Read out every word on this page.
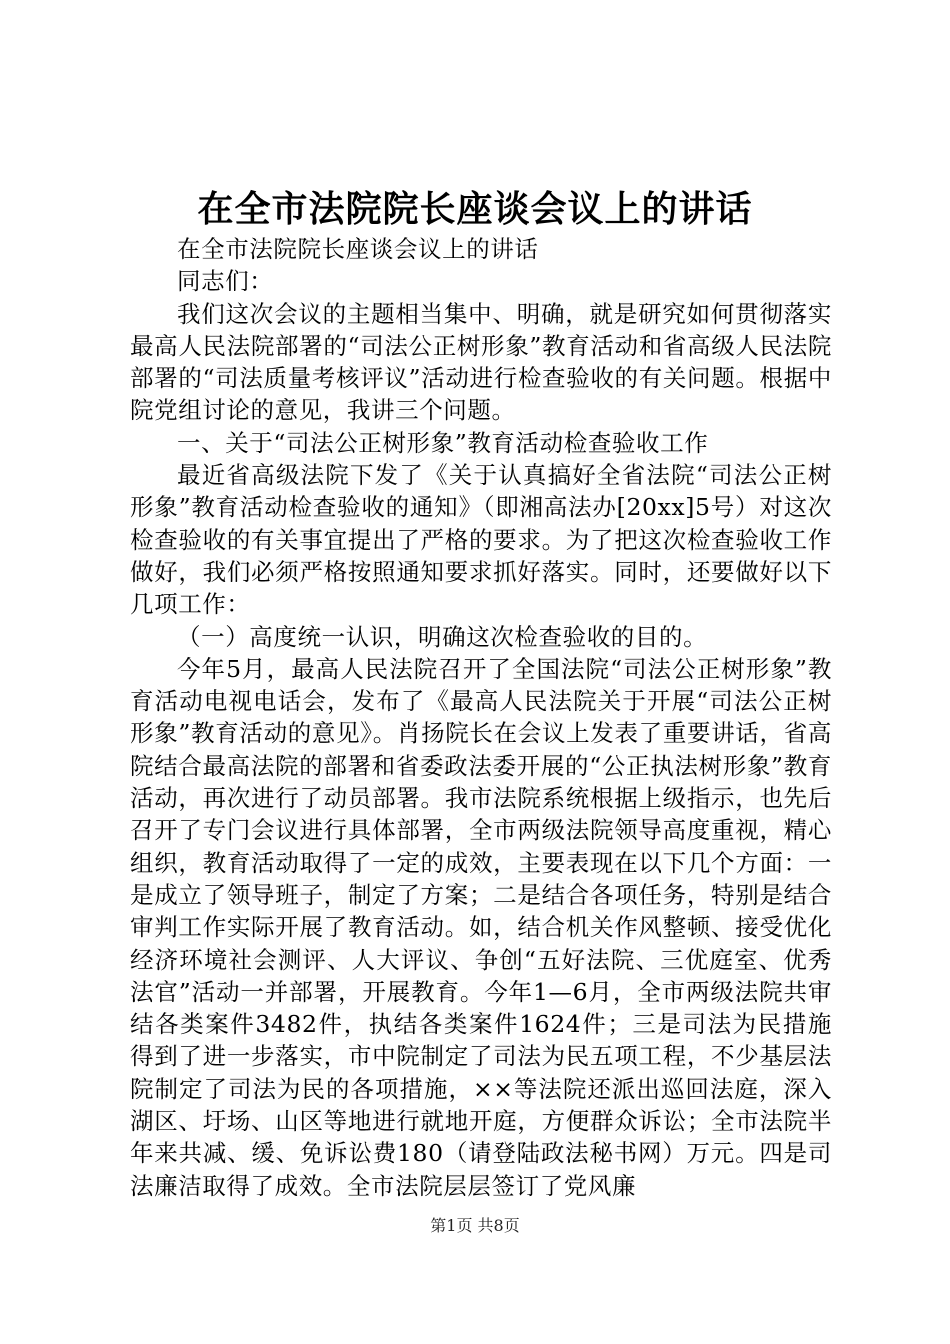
在全市法院院长座谈会议上的讲话

在全市法院院长座谈会议上的讲话

同志们：

我们这次会议的主题相当集中、明确，就是研究如何贯彻落实最高人民法院部署的“司法公正树形象”教育活动和省高级人民法院部署的“司法质量考核评议”活动进行检查验收的有关问题。根据中院党组讨论的意见，我讲三个问题。

一、关于“司法公正树形象”教育活动检查验收工作

最近省高级法院下发了《关于认真搞好全省法院“司法公正树形象”教育活动检查验收的通知》（即湘高法办[20xx]5号）对这次检查验收的有关事宜提出了严格的要求。为了把这次检查验收工作做好，我们必须严格按照通知要求抓好落实。同时，还要做好以下几项工作：

（一）高度统一认识，明确这次检查验收的目的。

今年5月，最高人民法院召开了全国法院“司法公正树形象”教育活动电视电话会，发布了《最高人民法院关于开展“司法公正树形象”教育活动的意见》。肖扬院长在会议上发表了重要讲话，省高院结合最高法院的部署和省委政法委开展的“公正执法树形象”教育活动，再次进行了动员部署。我市法院系统根据上级指示，也先后召开了专门会议进行具体部署，全市两级法院领导高度重视，精心组织，教育活动取得了一定的成效，主要表现在以下几个方面：一是成立了领导班子，制定了方案；二是结合各项任务，特别是结合审判工作实际开展了教育活动。如，结合机关作风整顿、接受优化经济环境社会测评、人大评议、争创“五好法院、三优庭室、优秀法官”活动一并部署，开展教育。今年1—6月，全市两级法院共审结各类案件3482件，执结各类案件1624件；三是司法为民措施得到了进一步落实，市中院制定了司法为民五项工程，不少基层法院制定了司法为民的各项措施，××等法院还派出巡回法庭，深入湖区、圩场、山区等地进行就地开庭，方便群众诉讼；全市法院半年来共减、缓、免诉讼费180（请登陆政法秘书网）万元。四是司法廉洁取得了成效。全市法院层层签订了党风廉

第1页 共8页
